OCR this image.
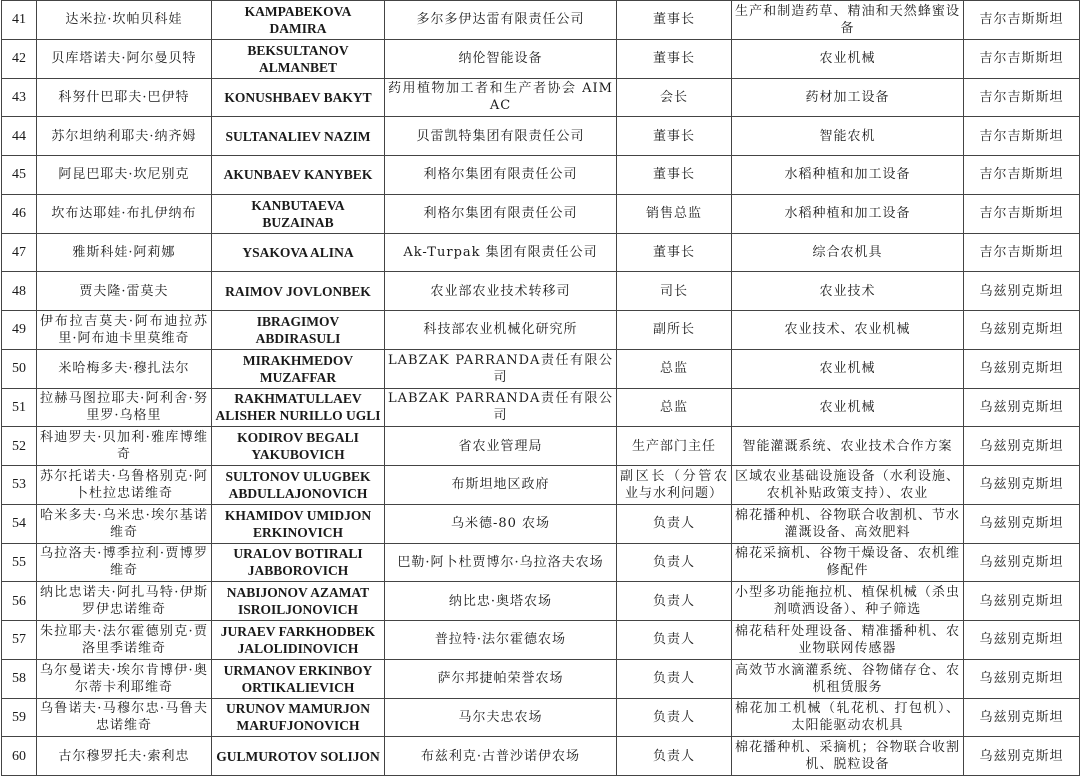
41	达米拉·坎帕贝科娃	KAMPABEKOVA DAMIRA	多尔多伊达雷有限责任公司	董事长	生产和制造药草、精油和天然蜂蜜设备	吉尔吉斯斯坦
42	贝库塔诺夫·阿尔曼贝特	BEKSULTANOV ALMANBET	纳伦智能设备	董事长	农业机械	吉尔吉斯斯坦
43	科努什巴耶夫·巴伊特	KONUSHBAEV BAKYT	药用植物加工者和生产者协会 AIMAC	会长	药材加工设备	吉尔吉斯斯坦
44	苏尔坦纳利耶夫·纳齐姆	SULTANALIEV NAZIM	贝雷凯特集团有限责任公司	董事长	智能农机	吉尔吉斯斯坦
45	阿昆巴耶夫·坎尼别克	AKUNBAEV KANYBEK	利格尔集团有限责任公司	董事长	水稻种植和加工设备	吉尔吉斯斯坦
46	坎布达耶娃·布扎伊纳布	KANBUTAEVA BUZAINAB	利格尔集团有限责任公司	销售总监	水稻种植和加工设备	吉尔吉斯斯坦
47	雅斯科娃·阿莉娜	YSAKOVA ALINA	Ak-Turpak 集团有限责任公司	董事长	综合农机具	吉尔吉斯斯坦
48	贾夫隆·雷莫夫	RAIMOV JOVLONBEK	农业部农业技术转移司	司长	农业技术	乌兹别克斯坦
49	伊布拉吉莫夫·阿布迪拉苏里·阿布迪卡里莫维奇	IBRAGIMOV ABDIRASULI	科技部农业机械化研究所	副所长	农业技术、农业机械	乌兹别克斯坦
50	米哈梅多夫·穆扎法尔	MIRAKHMEDOV MUZAFFAR	LABZAK PARRANDA责任有限公司	总监	农业机械	乌兹别克斯坦
51	拉赫马图拉耶夫·阿利舍·努里罗·乌格里	RAKHMATULLAEV ALISHER NURILLO UGLI	LABZAK PARRANDA责任有限公司	总监	农业机械	乌兹别克斯坦
52	科迪罗夫·贝加利·雅库博维奇	KODIROV BEGALI YAKUBOVICH	省农业管理局	生产部门主任	智能灌溉系统、农业技术合作方案	乌兹别克斯坦
53	苏尔托诺夫·乌鲁格别克·阿卜杜拉忠诺维奇	SULTONOV ULUGBEK ABDULLAJONOVICH	布斯坦地区政府	副区长（分管农业与水利问题）	区域农业基础设施设备（水利设施、农机补贴政策支持）、农业	乌兹别克斯坦
54	哈米多夫·乌米忠·埃尔基诺维奇	KHAMIDOV UMIDJON ERKINOVICH	乌米德-80 农场	负责人	棉花播种机、谷物联合收割机、节水灌溉设备、高效肥料	乌兹别克斯坦
55	乌拉洛夫·博季拉利·贾博罗维奇	URALOV BOTIRALI JABBOROVICH	巴勒·阿卜杜贾博尔·乌拉洛夫农场	负责人	棉花采摘机、谷物干燥设备、农机维修配件	乌兹别克斯坦
56	纳比忠诺夫·阿扎马特·伊斯罗伊忠诺维奇	NABIJONOV AZAMAT ISROILJONOVICH	纳比忠·奥塔农场	负责人	小型多功能拖拉机、植保机械（杀虫剂喷洒设备）、种子筛选	乌兹别克斯坦
57	朱拉耶夫·法尔霍德别克·贾洛里季诺维奇	JURAEV FARKHODBEK JALOLIDINOVICH	普拉特·法尔霍德农场	负责人	棉花秸秆处理设备、精准播种机、农业物联网传感器	乌兹别克斯坦
58	乌尔曼诺夫·埃尔肯博伊·奥尔蒂卡利耶维奇	URMANOV ERKINBOY ORTIKALIEVICH	萨尔邦捷帕荣誉农场	负责人	高效节水滴灌系统、谷物储存仓、农机租赁服务	乌兹别克斯坦
59	乌鲁诺夫·马穆尔忠·马鲁夫忠诺维奇	URUNOV MAMURJON MARUFJONOVICH	马尔夫忠农场	负责人	棉花加工机械（轧花机、打包机）、太阳能驱动农机具	乌兹别克斯坦
60	古尔穆罗托夫·索利忠	GULMUROTOV SOLIJON	布兹利克·古普沙诺伊农场	负责人	棉花播种机、采摘机；谷物联合收割机、脱粒设备	乌兹别克斯坦
